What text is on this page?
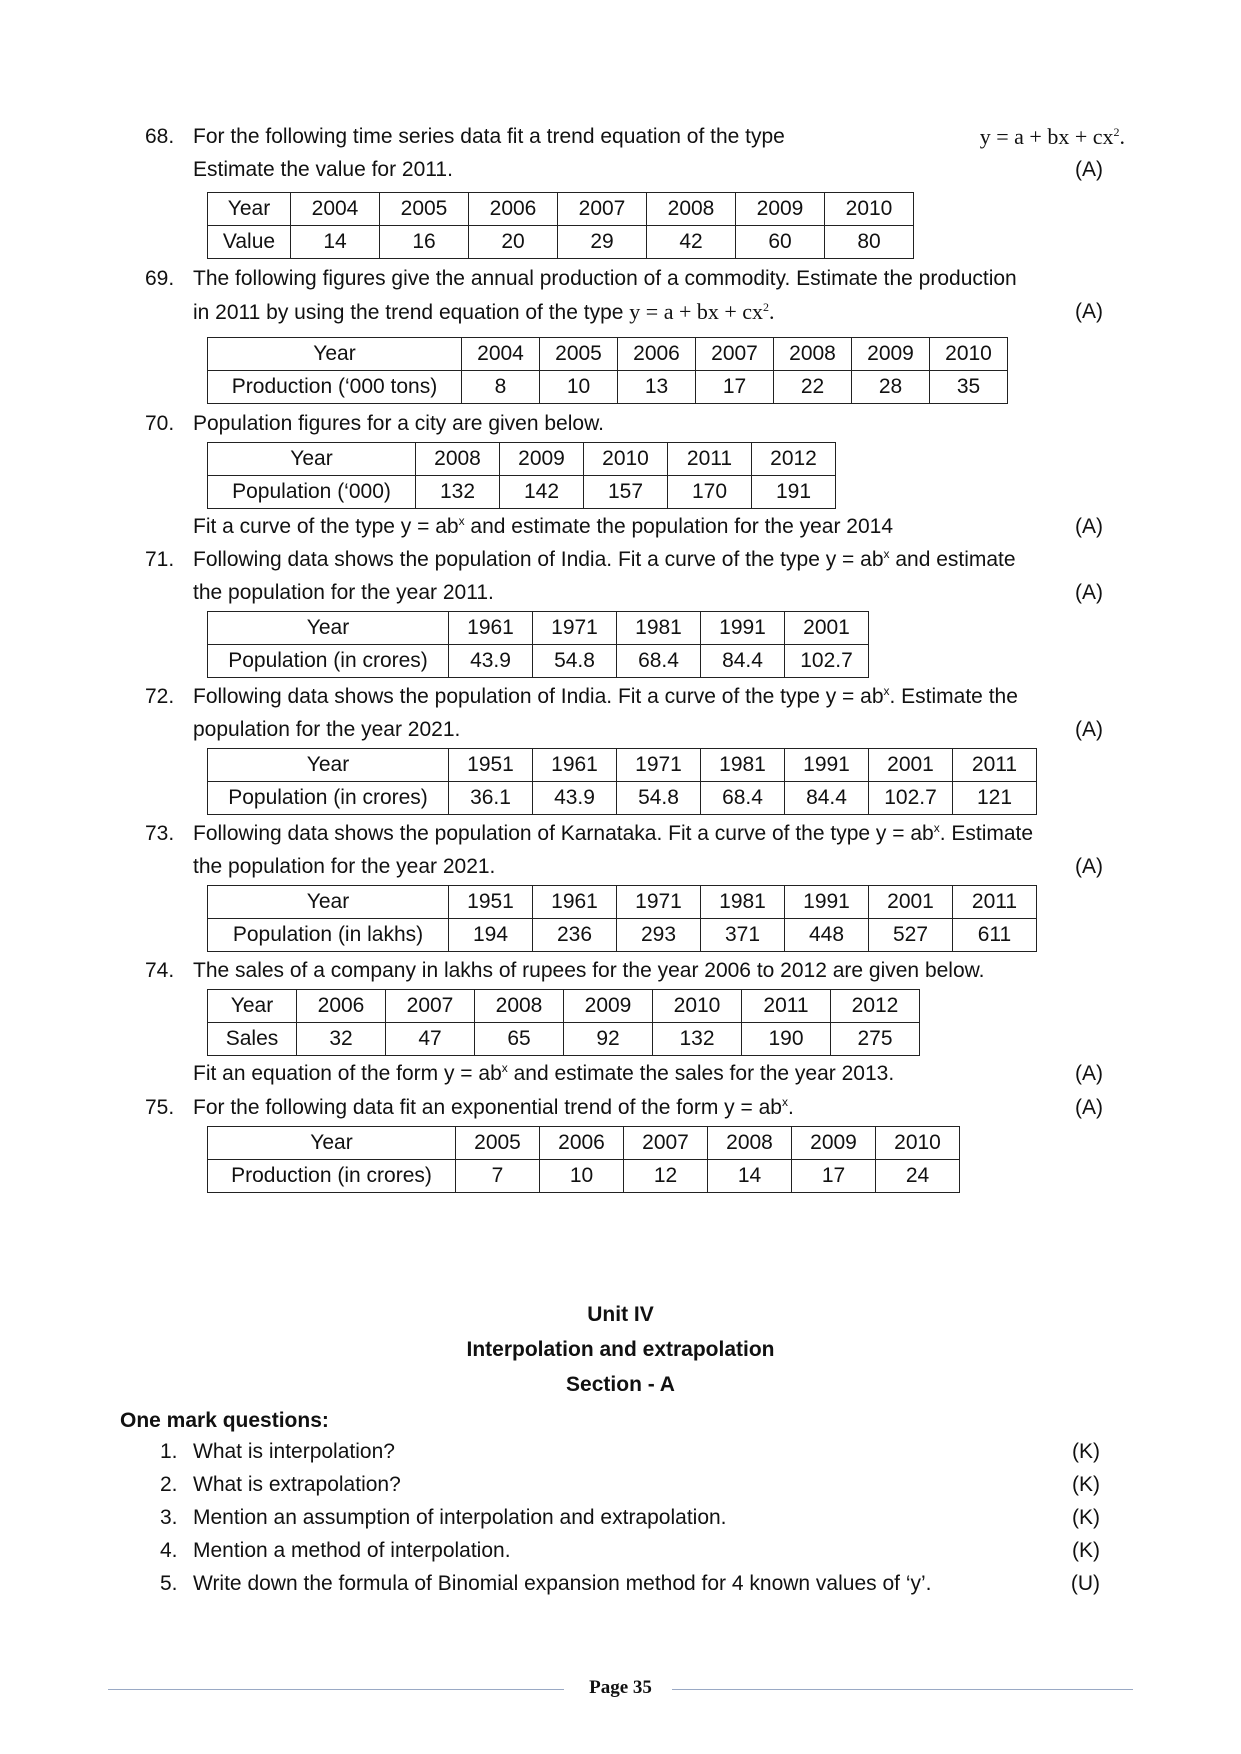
68. For the following time series data fit a trend equation of the type	y = a + bx + $cx^2$.
Estimate the value for 2011.	(A)
Year	2004	2005	2006	2007	2008	2009	2010
Value	14	16	20	29	42	60	80
69. The following figures give the annual production of a commodity. Estimate the production
in 2011 by using the trend equation of the type y = a + bx + $cx^2$.	(A)
Year	2004	2005	2006	2007	2008	2009	2010
Production (‘000 tons)	8	10	13	17	22	28	35
70. Population figures for a city are given below.
Year	2008	2009	2010	2011	2012
Population (‘000)	132	142	157	170	191
Fit a curve of the type $y = ab^x$ and estimate the population for the year 2014	(A)
71. Following data shows the population of India. Fit a curve of the type $y = ab^x$ and estimate
the population for the year 2011.	(A)
Year	1961	1971	1981	1991	2001
Population (in crores)	43.9	54.8	68.4	84.4	102.7
72. Following data shows the population of India. Fit a curve of the type $y = ab^x$. Estimate the
population for the year 2021.	(A)
Year	1951	1961	1971	1981	1991	2001	2011
Population (in crores)	36.1	43.9	54.8	68.4	84.4	102.7	121
73. Following data shows the population of Karnataka. Fit a curve of the type $y = ab^x$. Estimate
the population for the year 2021.	(A)
Year	1951	1961	1971	1981	1991	2001	2011
Population (in lakhs)	194	236	293	371	448	527	611
74. The sales of a company in lakhs of rupees for the year 2006 to 2012 are given below.
Year	2006	2007	2008	2009	2010	2011	2012
Sales	32	47	65	92	132	190	275
Fit an equation of the form $y = ab^x$ and estimate the sales for the year 2013.	(A)
75. For the following data fit an exponential trend of the form $y = ab^x$.	(A)
Year	2005	2006	2007	2008	2009	2010
Production (in crores)	7	10	12	14	17	24
Unit IV
Interpolation and extrapolation
Section - A
One mark questions:
1. What is interpolation?	(K)
2. What is extrapolation?	(K)
3. Mention an assumption of interpolation and extrapolation.	(K)
4. Mention a method of interpolation.	(K)
5. Write down the formula of Binomial expansion method for 4 known values of ‘y’.	(U)
Page 35
